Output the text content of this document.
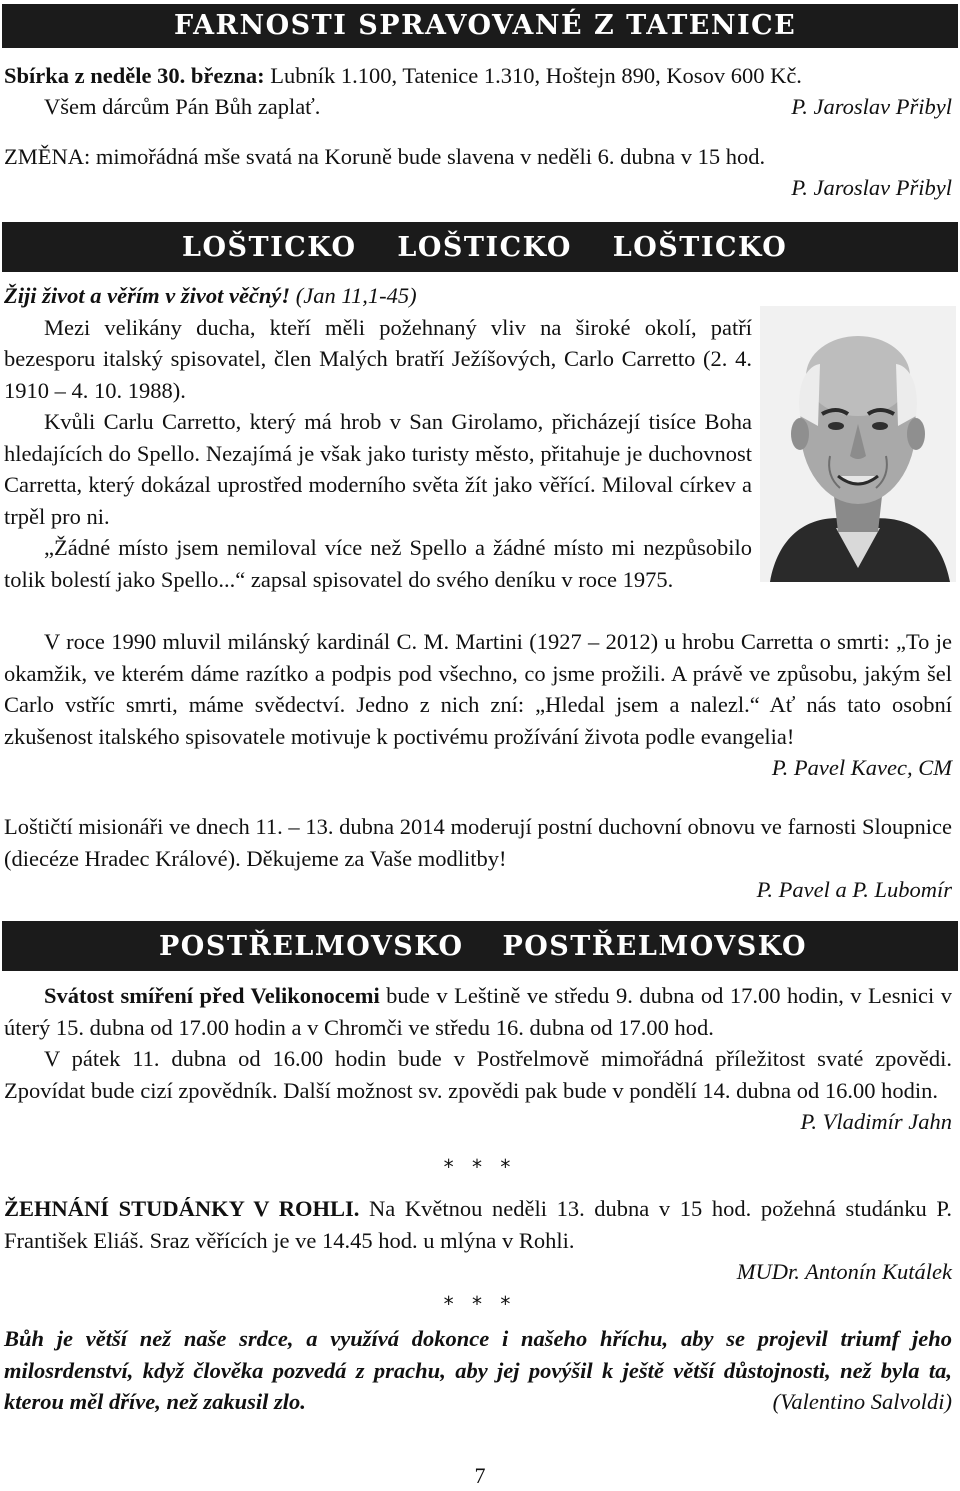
FARNOSTI SPRAVOVANÉ Z TATENICE
Sbírka z neděle 30. března: Lubník 1.100, Tatenice 1.310, Hoštejn 890, Kosov 600 Kč.
Všem dárcům Pán Bůh zaplať.	P. Jaroslav Přibyl
ZMĚNA: mimořádná mše svatá na Koruně bude slavena v neděli 6. dubna v 15 hod.
P. Jaroslav Přibyl
LOŠTICKO LOŠTICKO LOŠTICKO

Žiji život a věřím v život věčný! (Jan 11,1-45)

Mezi velikány ducha, kteří měli požehnaný vliv na široké okolí, patří bezesporu italský spisovatel, člen Malých bratří Ježíšových, Carlo Carretto (2. 4. 1910 – 4. 10. 1988).

Kvůli Carlu Carretto, který má hrob v San Girolamo, přicházejí tisíce Boha hledajících do Spello. Nezajímá je však jako turisty město, přitahuje je duchovnost Carretta, který dokázal uprostřed moderního světa žít jako věřící. Miloval církev a trpěl pro ni.

„Žádné místo jsem nemiloval více než Spello a žádné místo mi nezpůsobilo tolik bolestí jako Spello...“ zapsal spisovatel do svého deníku v roce 1975.

V roce 1990 mluvil milánský kardinál C. M. Martini (1927 – 2012) u hrobu Carretta o smrti: „To je okamžik, ve kterém dáme razítko a podpis pod všechno, co jsme prožili. A právě ve způsobu, jakým šel Carlo vstříc smrti, máme svědectví. Jedno z nich zní: „Hledal jsem a nalezl.“ Ať nás tato osobní zkušenost italského spisovatele motivuje k poctivému prožívání života podle evangelia!
P. Pavel Kavec, CM

Loštičtí misionáři ve dnech 11. – 13. dubna 2014 moderují postní duchovní obnovu ve farnosti Sloupnice (diecéze Hradec Králové). Děkujeme za Vaše modlitby!

P. Pavel a P. Lubomír

POSTŘELMOVSKO POSTŘELMOVSKO

Svátost smíření před Velikonocemi bude v Leštině ve středu 9. dubna od 17.00 hodin, v Lesnici v úterý 15. dubna od 17.00 hodin a v Chromči ve středu 16. dubna od 17.00 hod.

V pátek 11. dubna od 16.00 hodin bude v Postřelmově mimořádná příležitost svaté zpovědi. Zpovídat bude cizí zpovědník. Další možnost sv. zpovědi pak bude v pondělí 14. dubna od 16.00 hodin.
P. Vladimír Jahn

* * *

ŽEHNÁNÍ STUDÁNKY V ROHLI. Na Květnou neděli 13. dubna v 15 hod. požehná studánku P. František Eliáš. Sraz věřících je ve 14.45 hod. u mlýna v Rohli.

MUDr. Antonín Kutálek

* * *

Bůh je větší než naše srdce, a využívá dokonce i našeho hříchu, aby se projevil triumf jeho milosrdenství, když člověka pozvedá z prachu, aby jej povýšil k ještě větší důstojnosti, než byla ta, kterou měl dříve, než zakusil zlo.	(Valentino Salvoldi)

7
